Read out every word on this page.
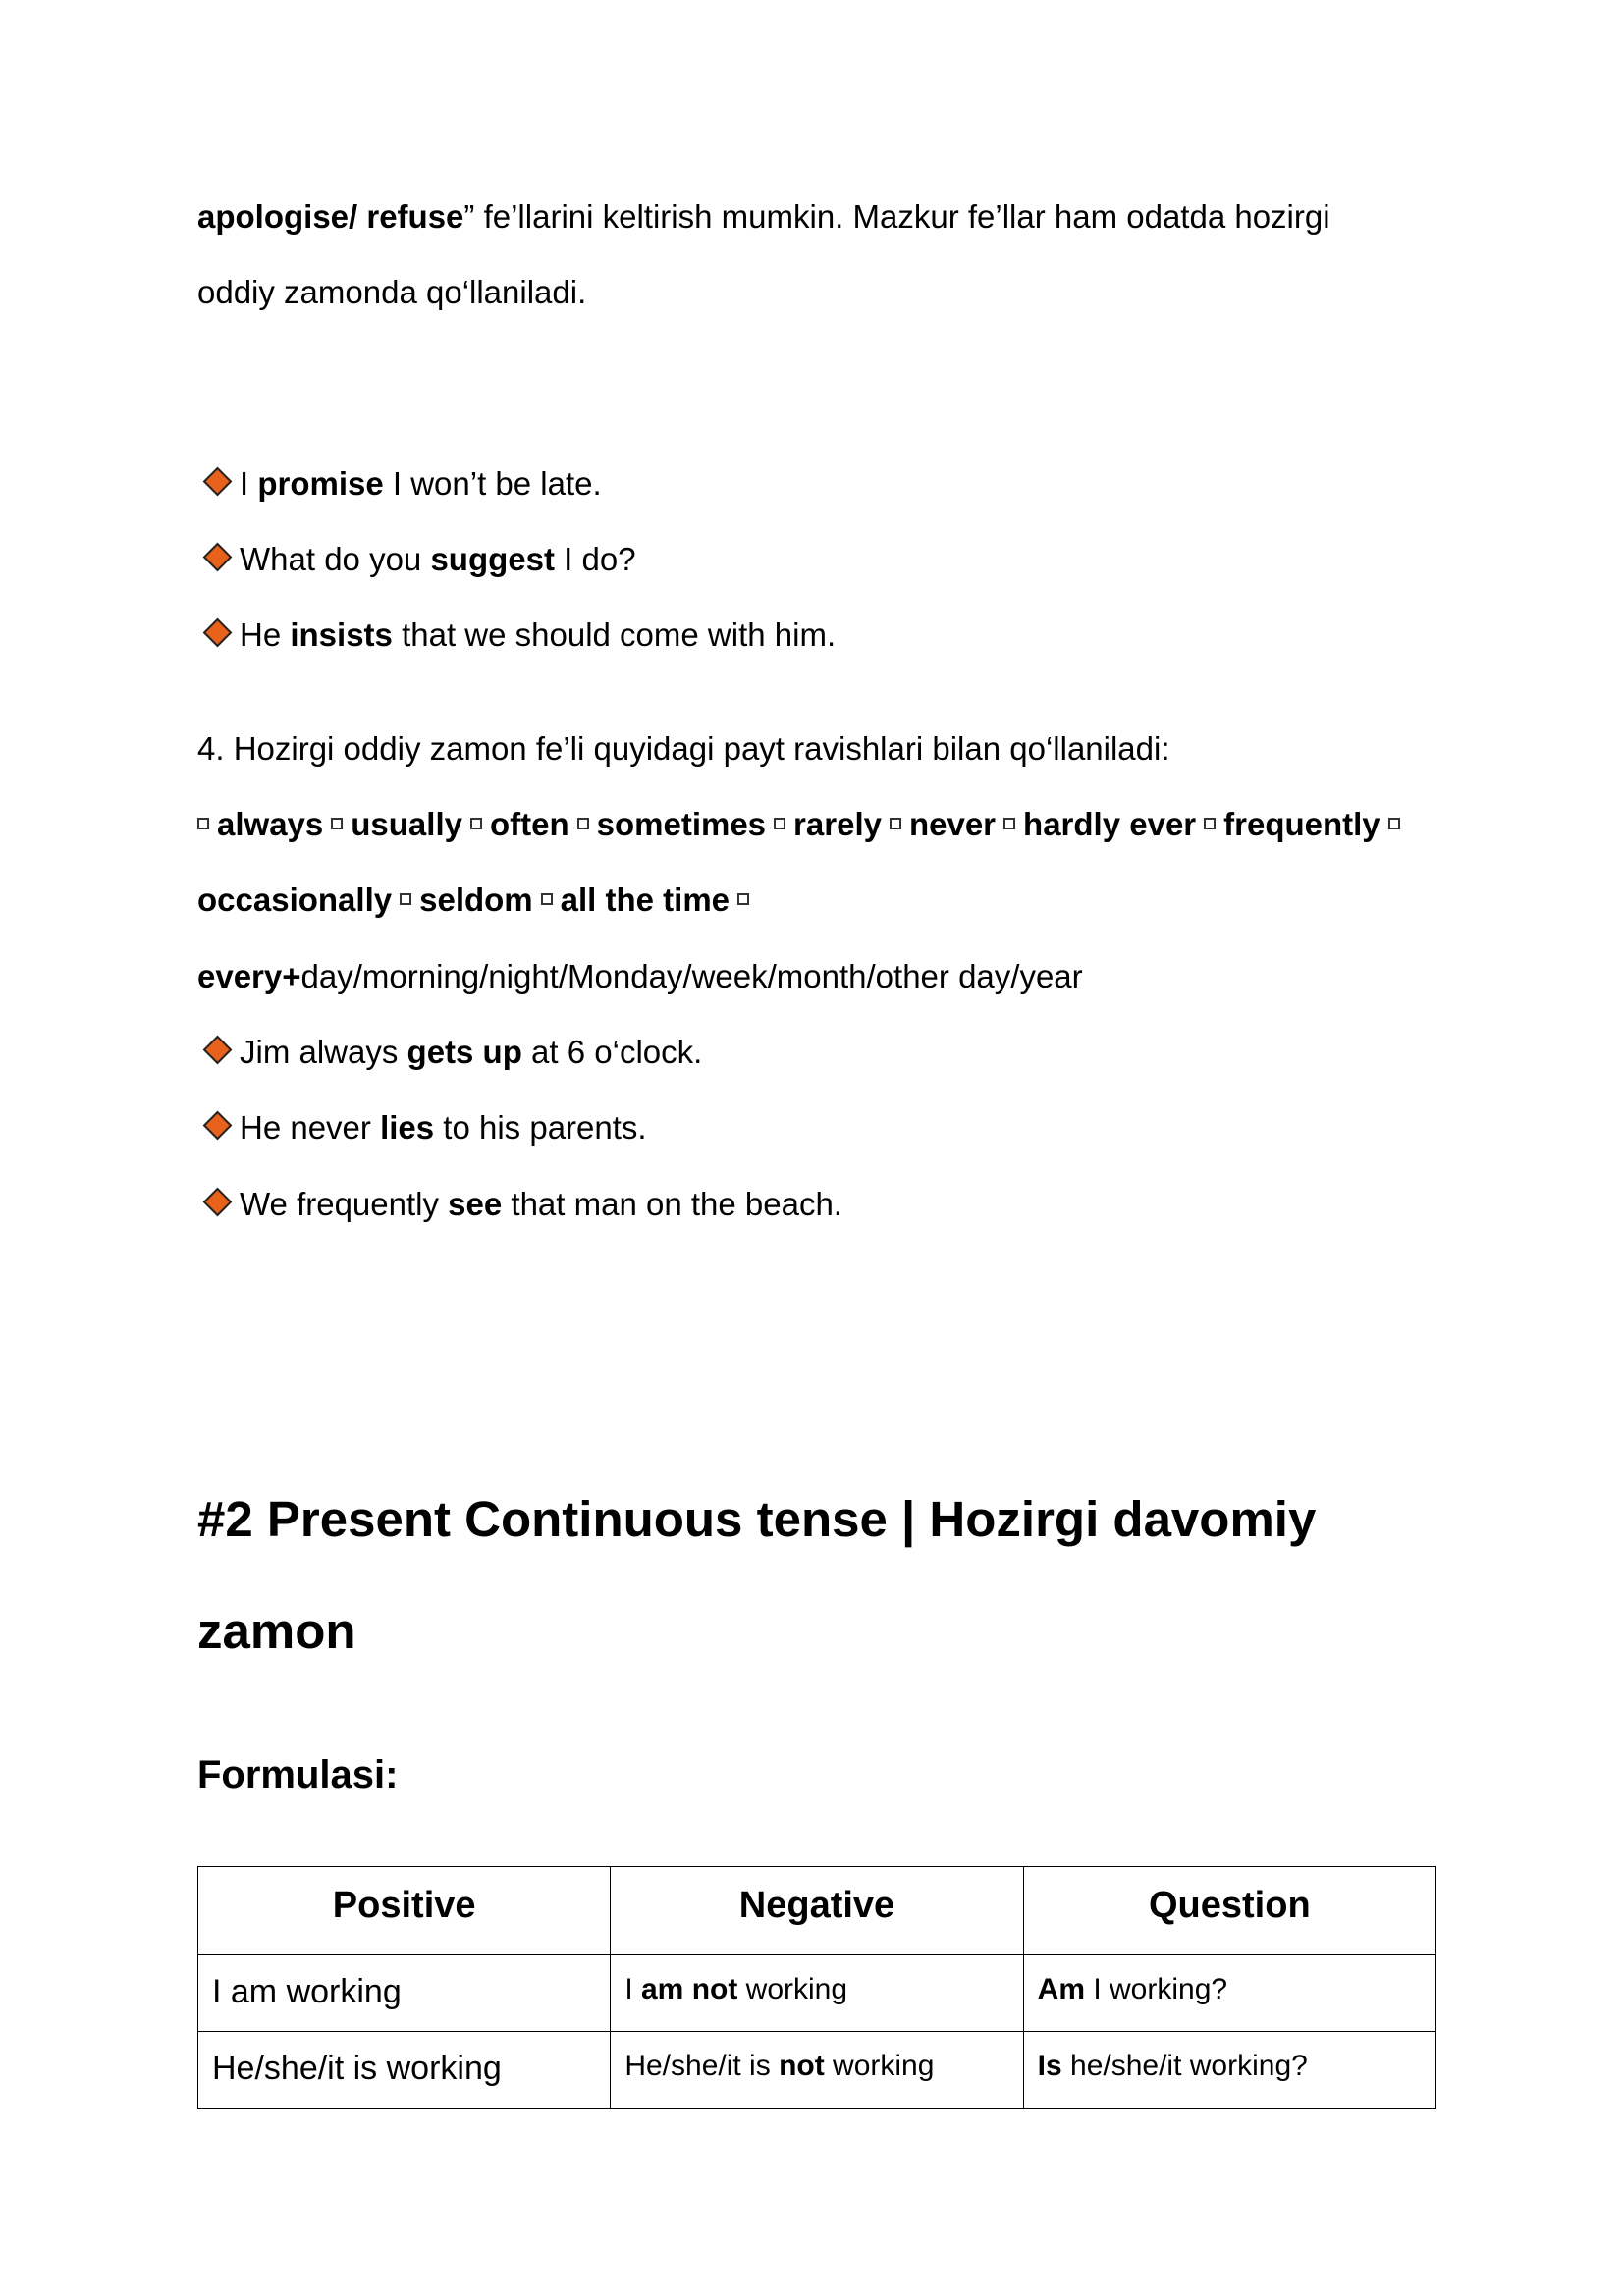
apologise/ refuse” fe’llarini keltirish mumkin. Mazkur fe’llar ham odatda hozirgi
oddiy zamonda qo‘llaniladi.
I promise I won’t be late.
What do you suggest I do?
He insists that we should come with him.
4. Hozirgi oddiy zamon fe’li quyidagi payt ravishlari bilan qo‘llaniladi:
always usually often sometimes rarely never hardly ever frequently
occasionally seldom all the time
every+day/morning/night/Monday/week/month/other day/year
Jim always gets up at 6 o‘clock.
He never lies to his parents.
We frequently see that man on the beach.
#2 Present Continuous tense | Hozirgi davomiy
zamon
Formulasi:
Positive	Negative	Question
I am working	I am not working	Am I working?
He/she/it is working	He/she/it is not working	Is he/she/it working?
